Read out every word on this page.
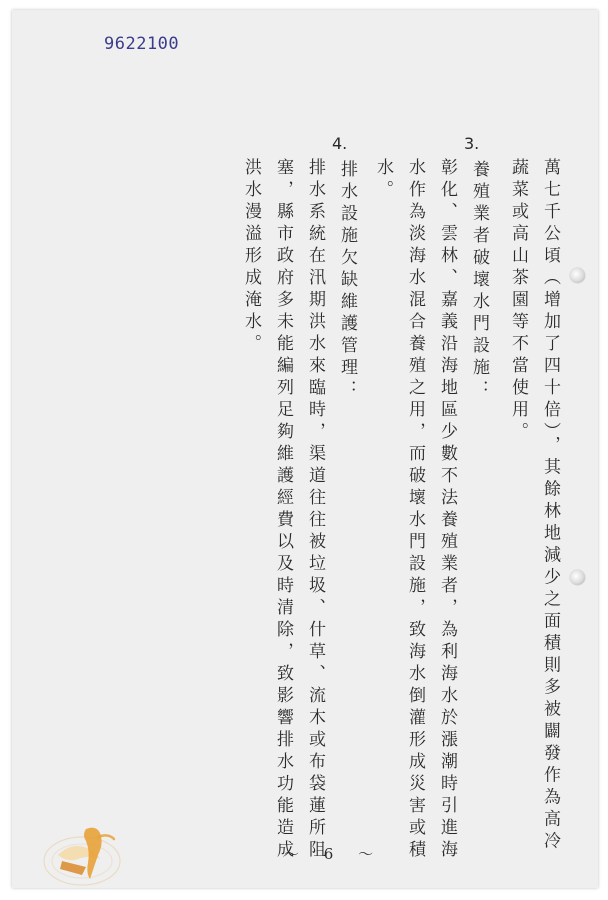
9622100
萬七千公頃（增加了四十倍），其餘林地減少之面積則多被闢發作為高冷
蔬菜或高山茶園等不當使用。
3.
養殖業者破壞水門設施：
彰化、雲林、嘉義沿海地區少數不法養殖業者，為利海水於漲潮時引進海
水作為淡海水混合養殖之用，而破壞水門設施，致海水倒灌形成災害或積
水。
4.
排水設施欠缺維護管理：
排水系統在汛期洪水來臨時，渠道往往被垃圾、什草、流木或布袋蓮所阻
塞，縣市政府多未能編列足夠維護經費以及時清除，致影響排水功能造成
洪水漫溢形成淹水。
～ 6 ～
